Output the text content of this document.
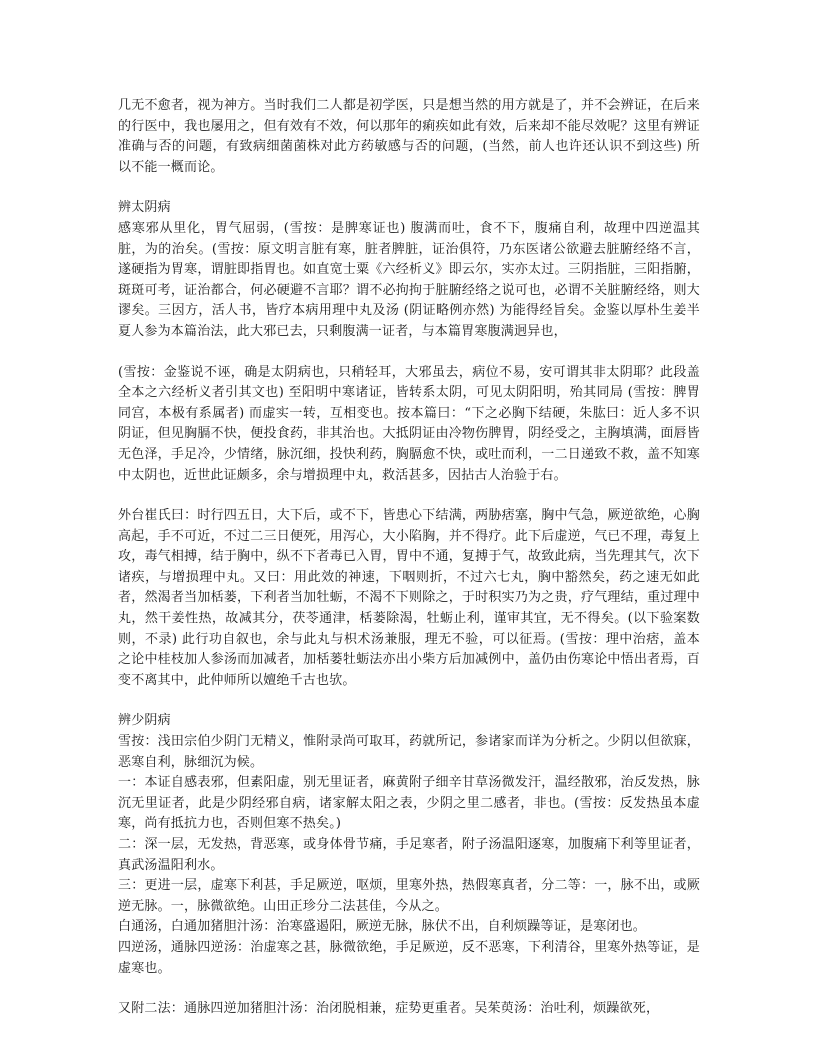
几无不愈者，视为神方。当时我们二人都是初学医，只是想当然的用方就是了，并不会辨证，在后来的行医中，我也屡用之，但有效有不效，何以那年的痢疾如此有效，后来却不能尽效呢？这里有辨证准确与否的问题，有致病细菌菌株对此方药敏感与否的问题，(当然，前人也许还认识不到这些) 所以不能一概而论。

辨太阴病

感寒邪从里化，胃气屈弱，(雪按：是脾寒证也) 腹满而吐，食不下，腹痛自利，故理中四逆温其脏，为的治矣。(雪按：原文明言脏有寒，脏者脾脏，证治俱符，乃东医诸公欲避去脏腑经络不言，遂硬指为胃寒，谓脏即指胃也。如直宽士粟《六经析义》即云尔，实亦太过。三阴指脏，三阳指腑，斑斑可考，证治都合，何必硬避不言耶？谓不必拘拘于脏腑经络之说可也，必谓不关脏腑经络，则大谬矣。三因方，活人书，皆疗本病用理中丸及汤 (阴证略例亦然) 为能得经旨矣。金鉴以厚朴生姜半夏人参为本篇治法，此大邪已去，只剩腹满一证者，与本篇胃寒腹满迥异也，

(雪按：金鉴说不诬，确是太阴病也，只稍轻耳，大邪虽去，病位不易，安可谓其非太阴耶？此段盖全本之六经析义者引其文也) 至阳明中寒诸证，皆转系太阴，可见太阴阳明，殆其同局 (雪按：脾胃同宫，本极有系属者) 而虚实一转，互相变也。按本篇曰：“下之必胸下结硬，朱肱曰：近人多不识阴证，但见胸膈不快，便投食药，非其治也。大抵阴证由冷物伤脾胃，阴经受之，主胸填满，面唇皆无色泽，手足冷，少情绪，脉沉细，投快利药，胸膈愈不快，或吐而利，一二日递致不救，盖不知寒中太阴也，近世此证颇多，余与增损理中丸，救活甚多，因拈古人治验于右。

外台崔氏曰：时行四五日，大下后，或不下，皆患心下结满，两胁痞塞，胸中气急，厥逆欲绝，心胸高起，手不可近，不过二三日便死，用泻心，大小陷胸，并不得疗。此下后虚逆，气已不理，毒复上攻，毒气相搏，结于胸中，纵不下者毒已入胃，胃中不通，复搏于气，故致此病，当先理其气，次下诸疾，与增损理中丸。又曰：用此效的神速，下咽则折，不过六七丸，胸中豁然矣，药之速无如此者，然渴者当加栝蒌，下利者当加牡蛎，不渴不下则除之，于时积实乃为之贵，疗气理结，重过理中丸，然干姜性热，故减其分，茯苓通津，栝蒌除渴，牡蛎止利，谨审其宜，无不得矣。(以下验案数则，不录) 此行功自叙也，余与此丸与枳术汤兼服，理无不验，可以征焉。(雪按：理中治痞，盖本之论中桂枝加人参汤而加减者，加栝蒌牡蛎法亦出小柴方后加减例中，盖仍由伤寒论中悟出者焉，百变不离其中，此仲师所以嬗绝千古也欤。

辨少阴病

雪按：浅田宗伯少阴门无精义，惟附录尚可取耳，药就所记，参诸家而详为分析之。少阴以但欲寐，恶寒自利，脉细沉为候。

一：本证自感表邪，但素阳虚，别无里证者，麻黄附子细辛甘草汤微发汗，温经散邪，治反发热，脉沉无里证者，此是少阴经邪自病，诸家解太阳之表，少阴之里二感者，非也。(雪按：反发热虽本虚寒，尚有抵抗力也，否则但寒不热矣。)

二：深一层，无发热，背恶寒，或身体骨节痛，手足寒者，附子汤温阳逐寒，加腹痛下利等里证者，真武汤温阳利水。

三：更进一层，虚寒下利甚，手足厥逆，呕烦，里寒外热，热假寒真者，分二等：一，脉不出，或厥逆无脉。一，脉微欲绝。山田正珍分二法甚佳，今从之。

白通汤，白通加猪胆汁汤：治寒盛遏阳，厥逆无脉，脉伏不出，自利烦躁等证，是寒闭也。

四逆汤，通脉四逆汤：治虚寒之甚，脉微欲绝，手足厥逆，反不恶寒，下利清谷，里寒外热等证，是虚寒也。

又附二法：通脉四逆加猪胆汁汤：治闭脱相兼，症势更重者。吴茱萸汤：治吐利，烦躁欲死，
